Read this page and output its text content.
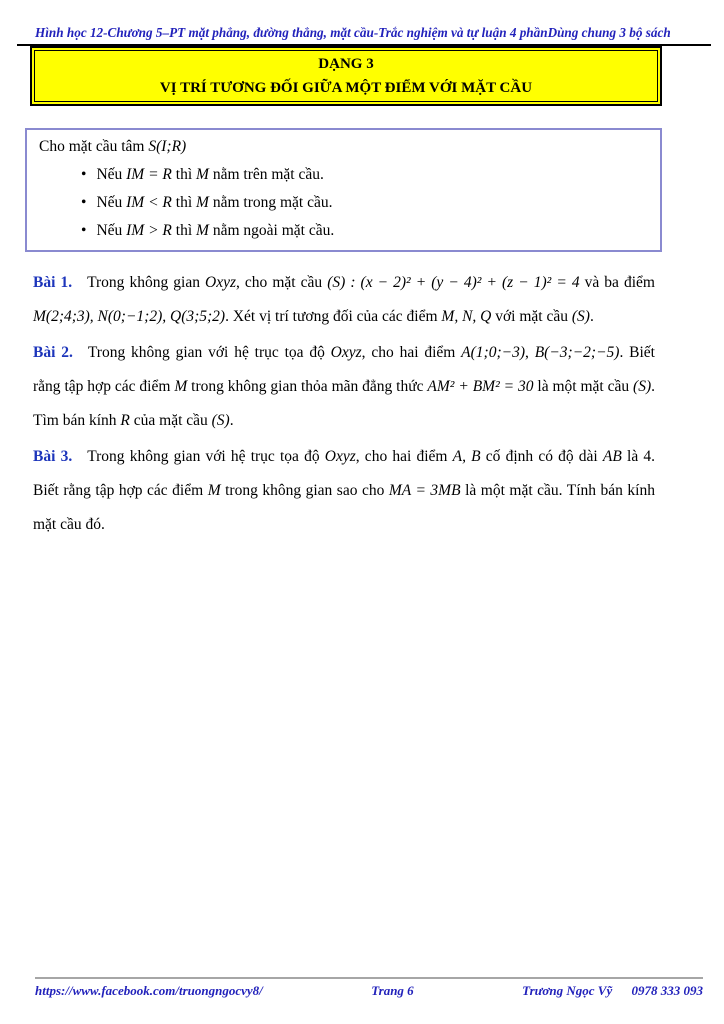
Hình học 12-Chương 5–PT mặt phẳng, đường thẳng, mặt cầu-Trắc nghiệm và tự luận 4 phần Dùng chung 3 bộ sách
DẠNG 3
VỊ TRÍ TƯƠNG ĐỐI GIỮA MỘT ĐIỂM VỚI MẶT CẦU
Cho mặt cầu tâm S(I;R)
• Nếu IM = R thì M nằm trên mặt cầu.
• Nếu IM < R thì M nằm trong mặt cầu.
• Nếu IM > R thì M nằm ngoài mặt cầu.

Bài 1. Trong không gian Oxyz, cho mặt cầu (S) : (x − 2)² + (y − 4)² + (z − 1)² = 4 và ba điểm M(2;4;3), N(0;−1;2), Q(3;5;2). Xét vị trí tương đối của các điểm M, N, Q với mặt cầu (S).

Bài 2. Trong không gian với hệ trục tọa độ Oxyz, cho hai điểm A(1;0;−3), B(−3;−2;−5). Biết rằng tập hợp các điểm M trong không gian thỏa mãn đẳng thức AM² + BM² = 30 là một mặt cầu (S). Tìm bán kính R của mặt cầu (S).

Bài 3. Trong không gian với hệ trục tọa độ Oxyz, cho hai điểm A, B cố định có độ dài AB là 4. Biết rằng tập hợp các điểm M trong không gian sao cho MA = 3MB là một mặt cầu. Tính bán kính mặt cầu đó.

https://www.facebook.com/truongngocvy8/	Trang 6	Trương Ngọc Vỹ 0978 333 093
